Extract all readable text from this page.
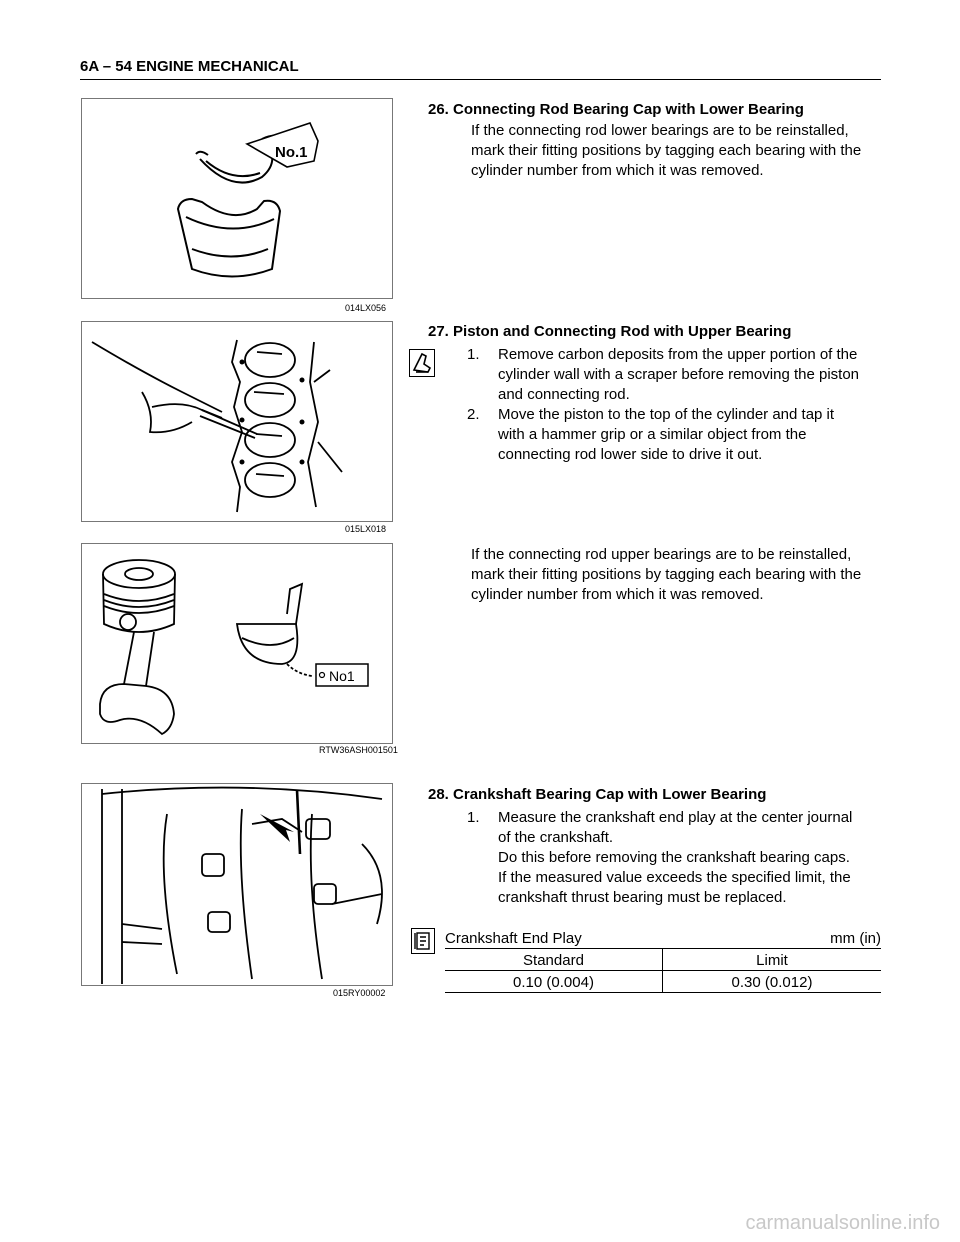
6A – 54 ENGINE MECHANICAL
No.1
014LX056
26. Connecting Rod Bearing Cap with Lower Bearing
If the connecting rod lower bearings are to be reinstalled,
mark their fitting positions by tagging each bearing with the
cylinder number from which it was removed.
015LX018
27. Piston and Connecting Rod with Upper Bearing
1. Remove carbon deposits from the upper portion of the
cylinder wall with a scraper before removing the piston
and connecting rod.
2. Move the piston to the top of the cylinder and tap it
with a hammer grip or a similar object from the
connecting rod lower side to drive it out.
No1
RTW36ASH001501
If the connecting rod upper bearings are to be reinstalled,
mark their fitting positions by tagging each bearing with the
cylinder number from which it was removed.
015RY00002
28. Crankshaft Bearing Cap with Lower Bearing
1. Measure the crankshaft end play at the center journal
of the crankshaft.
Do this before removing the crankshaft bearing caps.
If the measured value exceeds the specified limit, the
crankshaft thrust bearing must be replaced.
Crankshaft End Play	mm (in)
Standard	Limit
0.10 (0.004)	0.30 (0.012)
carmanualsonline.info
